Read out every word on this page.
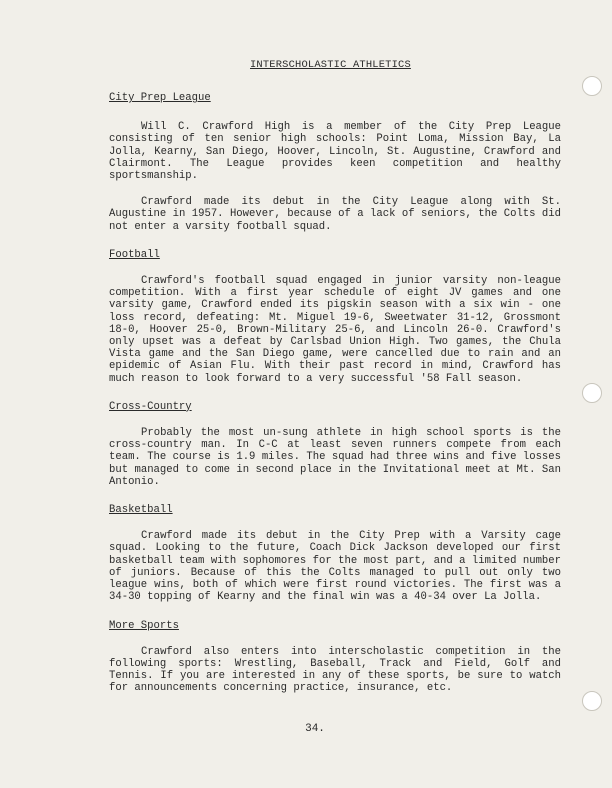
INTERSCHOLASTIC ATHLETICS

City Prep League

Will C. Crawford High is a member of the City Prep League consisting of ten senior high schools: Point Loma, Mission Bay, La Jolla, Kearny, San Diego, Hoover, Lincoln, St. Augustine, Crawford and Clairmont. The League provides keen competition and healthy sportsmanship.

Crawford made its debut in the City League along with St. Augustine in 1957. However, because of a lack of seniors, the Colts did not enter a varsity football squad.

Football

Crawford's football squad engaged in junior varsity non-league competition. With a first year schedule of eight JV games and one varsity game, Crawford ended its pigskin season with a six win - one loss record, defeating: Mt. Miguel 19-6, Sweetwater 31-12, Grossmont 18-0, Hoover 25-0, Brown-Military 25-6, and Lincoln 26-0. Crawford's only upset was a defeat by Carlsbad Union High. Two games, the Chula Vista game and the San Diego game, were cancelled due to rain and an epidemic of Asian Flu. With their past record in mind, Crawford has much reason to look forward to a very successful '58 Fall season.

Cross-Country

Probably the most un-sung athlete in high school sports is the cross-country man. In C-C at least seven runners compete from each team. The course is 1.9 miles. The squad had three wins and five losses but managed to come in second place in the Invitational meet at Mt. San Antonio.

Basketball

Crawford made its debut in the City Prep with a Varsity cage squad. Looking to the future, Coach Dick Jackson developed our first basketball team with sophomores for the most part, and a limited number of juniors. Because of this the Colts managed to pull out only two league wins, both of which were first round victories. The first was a 34-30 topping of Kearny and the final win was a 40-34 over La Jolla.

More Sports

Crawford also enters into interscholastic competition in the following sports: Wrestling, Baseball, Track and Field, Golf and Tennis. If you are interested in any of these sports, be sure to watch for announcements concerning practice, insurance, etc.

34.
